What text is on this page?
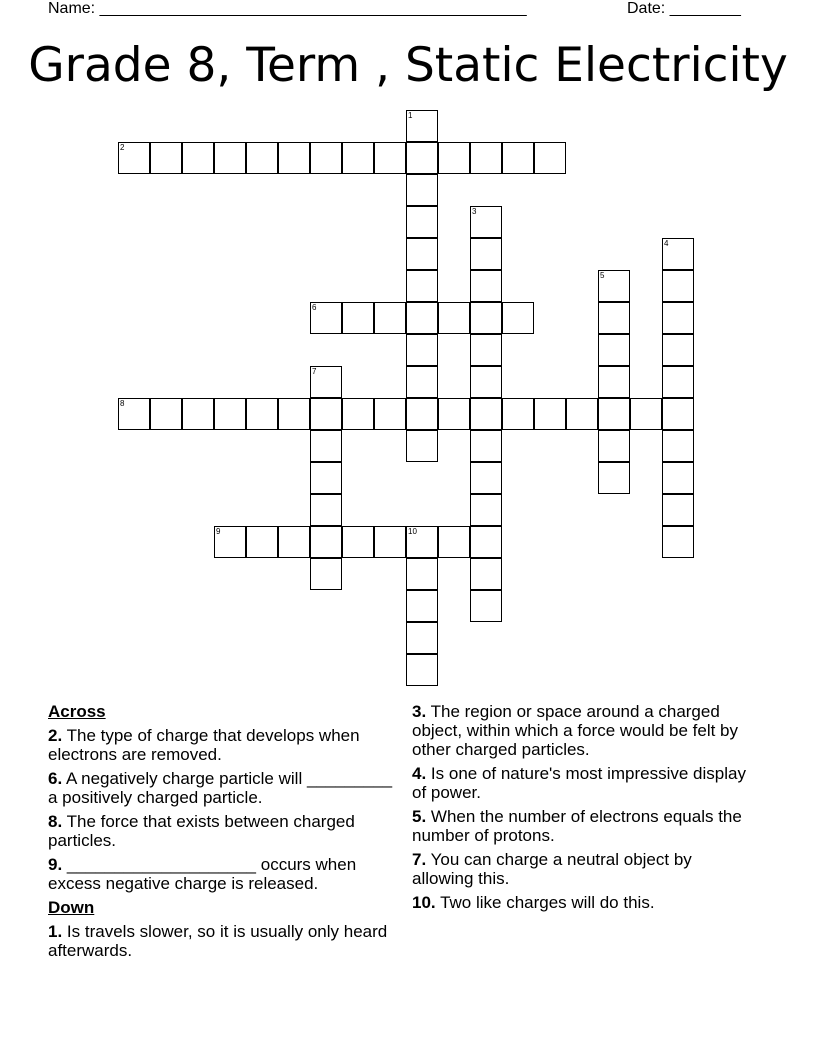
Name: ________________________________________________	Date: ________
Grade 8, Term , Static Electricity
1
2
3
4
5
6
7
8
9	10
Across
2. The type of charge that develops when electrons are removed.
6. A negatively charge particle will _________ a positively charged particle.
8. The force that exists between charged particles.
9. ____________________ occurs when excess negative charge is released.
Down
1. Is travels slower, so it is usually only heard afterwards.
3. The region or space around a charged object, within which a force would be felt by other charged particles.
4. Is one of nature's most impressive display of power.
5. When the number of electrons equals the number of protons.
7. You can charge a neutral object by allowing this.
10. Two like charges will do this.
